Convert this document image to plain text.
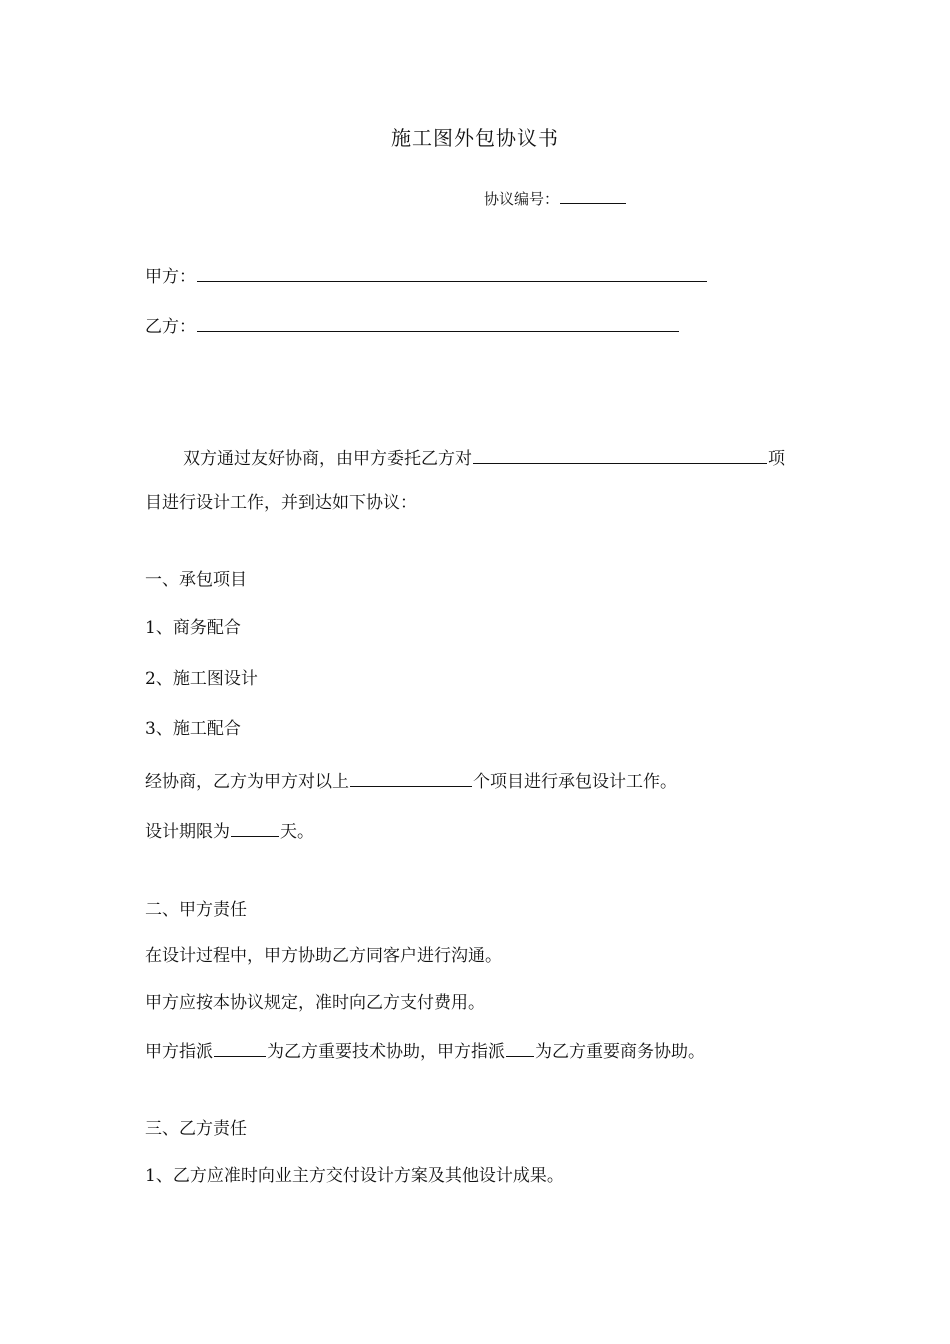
施工图外包协议书
协议编号：
甲方：
乙方：
双方通过友好协商，由甲方委托乙方对	项
目进行设计工作，并到达如下协议：
一、承包项目
1、商务配合
2、施工图设计
3、施工配合
经协商，乙方为甲方对以上	个项目进行承包设计工作。
设计期限为	天。
二、甲方责任
在设计过程中，甲方协助乙方同客户进行沟通。
甲方应按本协议规定，准时向乙方支付费用。
甲方指派	为乙方重要技术协助，甲方指派 为乙方重要商务协助。
三、乙方责任
1、乙方应准时向业主方交付设计方案及其他设计成果。
